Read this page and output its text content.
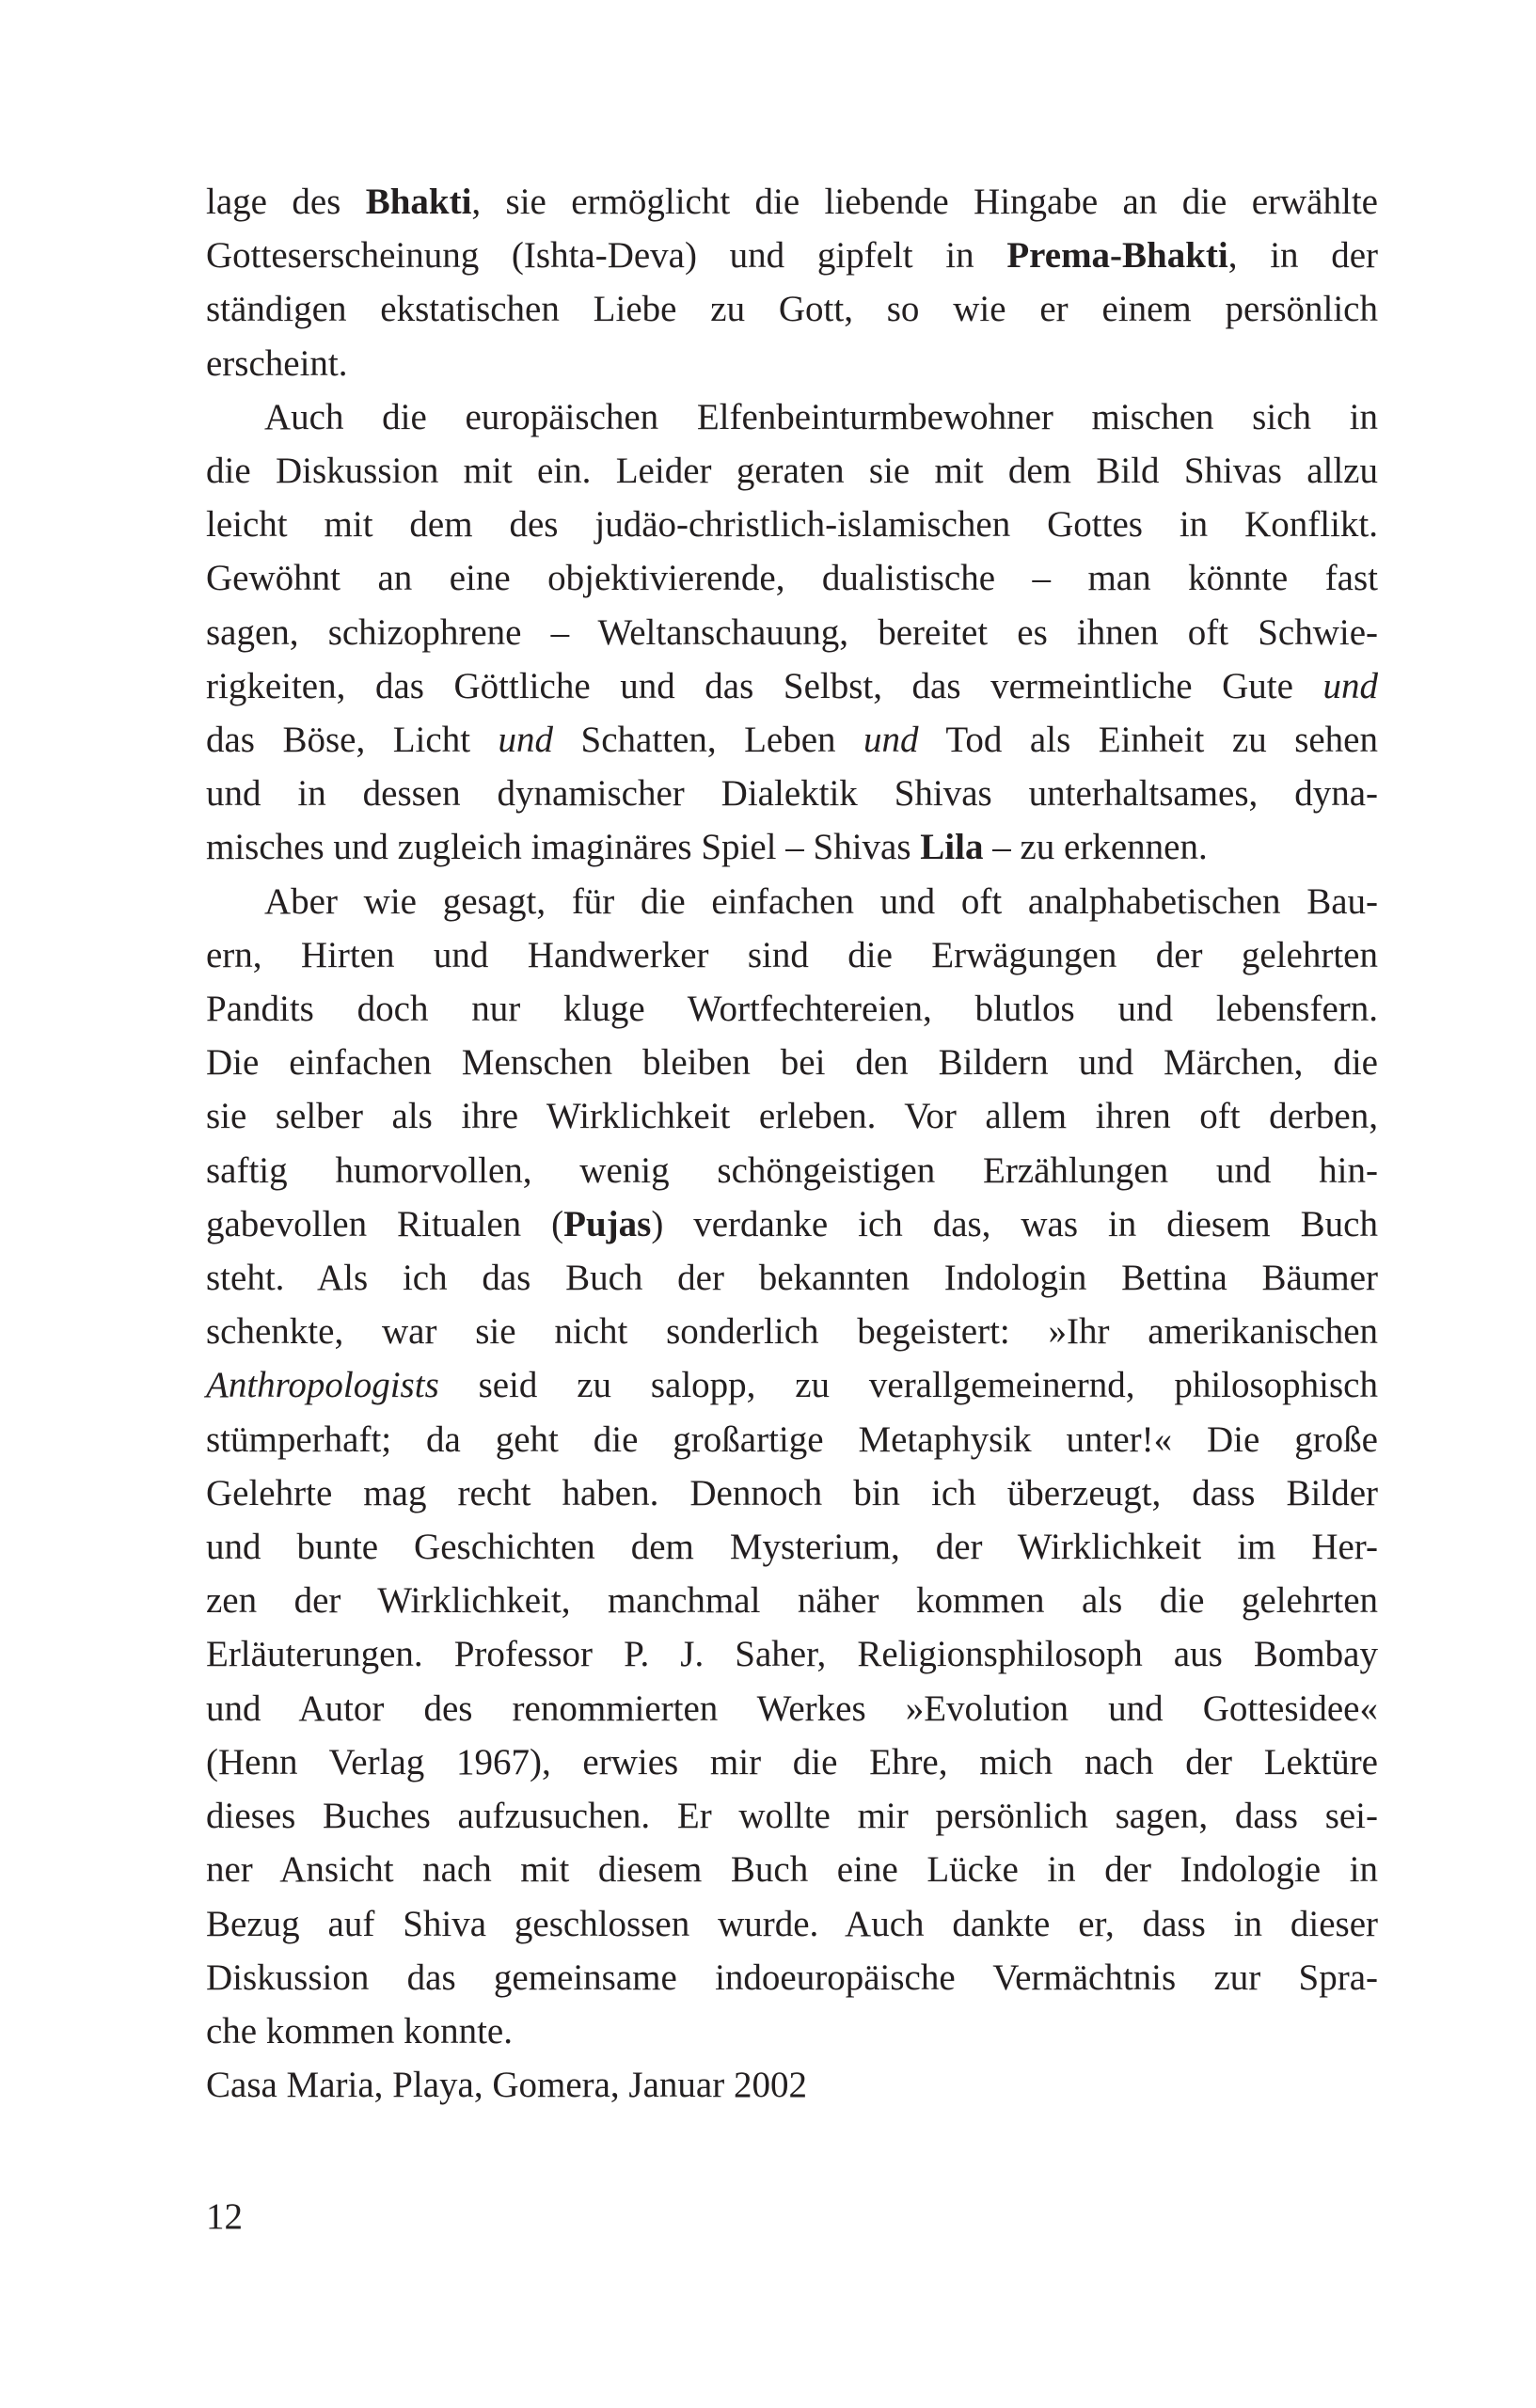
lage des Bhakti, sie ermöglicht die liebende Hingabe an die erwählte
Gotteserscheinung (Ishta-Deva) und gipfelt in Prema-Bhakti, in der
ständigen ekstatischen Liebe zu Gott, so wie er einem persönlich
erscheint.
Auch die europäischen Elfenbeinturmbewohner mischen sich in
die Diskussion mit ein. Leider geraten sie mit dem Bild Shivas allzu
leicht mit dem des judäo-christlich-islamischen Gottes in Konflikt.
Gewöhnt an eine objektivierende, dualistische – man könnte fast
sagen, schizophrene – Weltanschauung, bereitet es ihnen oft Schwie-
rigkeiten, das Göttliche und das Selbst, das vermeintliche Gute und
das Böse, Licht und Schatten, Leben und Tod als Einheit zu sehen
und in dessen dynamischer Dialektik Shivas unterhaltsames, dyna-
misches und zugleich imaginäres Spiel – Shivas Lila – zu erkennen.
Aber wie gesagt, für die einfachen und oft analphabetischen Bau-
ern, Hirten und Handwerker sind die Erwägungen der gelehrten
Pandits doch nur kluge Wortfechtereien, blutlos und lebensfern.
Die einfachen Menschen bleiben bei den Bildern und Märchen, die
sie selber als ihre Wirklichkeit erleben. Vor allem ihren oft derben,
saftig humorvollen, wenig schöngeistigen Erzählungen und hin-
gabevollen Ritualen (Pujas) verdanke ich das, was in diesem Buch
steht. Als ich das Buch der bekannten Indologin Bettina Bäumer
schenkte, war sie nicht sonderlich begeistert: »Ihr amerikanischen
Anthropologists seid zu salopp, zu verallgemeinernd, philosophisch
stümperhaft; da geht die großartige Metaphysik unter!« Die große
Gelehrte mag recht haben. Dennoch bin ich überzeugt, dass Bilder
und bunte Geschichten dem Mysterium, der Wirklichkeit im Her-
zen der Wirklichkeit, manchmal näher kommen als die gelehrten
Erläuterungen. Professor P. J. Saher, Religionsphilosoph aus Bombay
und Autor des renommierten Werkes »Evolution und Gottesidee«
(Henn Verlag 1967), erwies mir die Ehre, mich nach der Lektüre
dieses Buches aufzusuchen. Er wollte mir persönlich sagen, dass sei-
ner Ansicht nach mit diesem Buch eine Lücke in der Indologie in
Bezug auf Shiva geschlossen wurde. Auch dankte er, dass in dieser
Diskussion das gemeinsame indoeuropäische Vermächtnis zur Spra-
che kommen konnte.

Casa Maria, Playa, Gomera, Januar 2002

12
